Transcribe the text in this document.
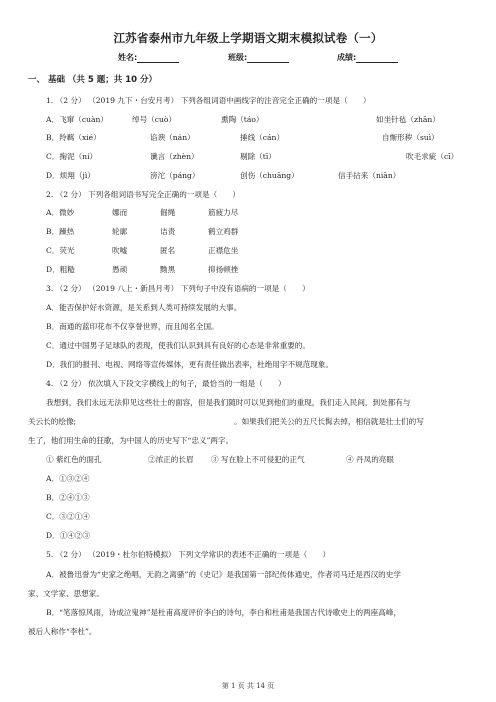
江苏省泰州市九年级上学期语文期末模拟试卷（一）
姓名:	班级:	成绩:
一、 基础 （共 5 题；共 10 分）
1. （2 分） （2019 九下・台安月考） 下列各组词语中画线字的注音完全正确的一项是（　　）
A．飞窜（cuàn）	绰号（cuò）	熏陶（táo）	如坐针毡（zhān）
B．羚羁（xié）	谄谀（nán）	捶线（cán）	自惭形秽（suì）
C．掬泥（ní）	谶言（zhèn）	剔除（tī）	吹毛求疵（cī）
D．烦翔（jì）	滂沱（páng）	创伤（chuāng）	信手拈来（niān）
2. （2 分） 下列各组词语书写完全正确的一项是（　　）
A．微妙	娜而	倔绳	筋疲力尽
B．躁热	轮廓	诘责	鹤立鸡群
C．荧光	吹嘘	匿名	正襟危坐
D．粗糙	愚顽	黝黑	抑扬顿挫
3. （2 分） （2019 八上・新昌月考） 下列句子中没有语病的一项是（　　）
A．能否保护好水资源，是关系到人类可持续发展的大事。
B．南通的蓝印花布不仅享誉世界，而且闻名全国。
C．通过中国男子足球队的表现，使我们认识到具有良好的心态是非常重要的。
D．我们的报刊、电视、网络等宣传媒体，更有责任做出表率，杜绝用字不规范现象。
4. （2 分） 依次填入下段文字横线上的句子，最恰当的一组是（　　）
我想到，我们永远无法仰见这些壮士的面容，但是我们随时可以见到他们的重现，我们走入民间，到处都有与
关云长的绘像;	。如果我们把关公的五尺长髯去掉，相信就是壮士们的写
生了，他们用生命的狂歌，为中国人的历史写下“忠义”两字。
① 紫红色的面孔	②浓正的长眉 ③ 写在脸上不可侵犯的正气	④ 丹凤的亮眼
A．①③②④
B．②④①③
C．③②①④
D．①④②③
5. （2 分） （2019・杜尔伯特模拟） 下列文学常识的表述不正确的一项是（　　）
A．被鲁迅誉为“史家之绝唱，无韵之离骚”的《史记》是我国第一部纪传体通史，作者司马迁是西汉的史学
家、文学家、思想家。
B．“笔落惊风雨，诗成泣鬼神”是杜甫高度评价李白的诗句，李白和杜甫是我国古代诗歌史上的两座高峰，
被后人称作“李杜”。
第 1 页 共 14 页
